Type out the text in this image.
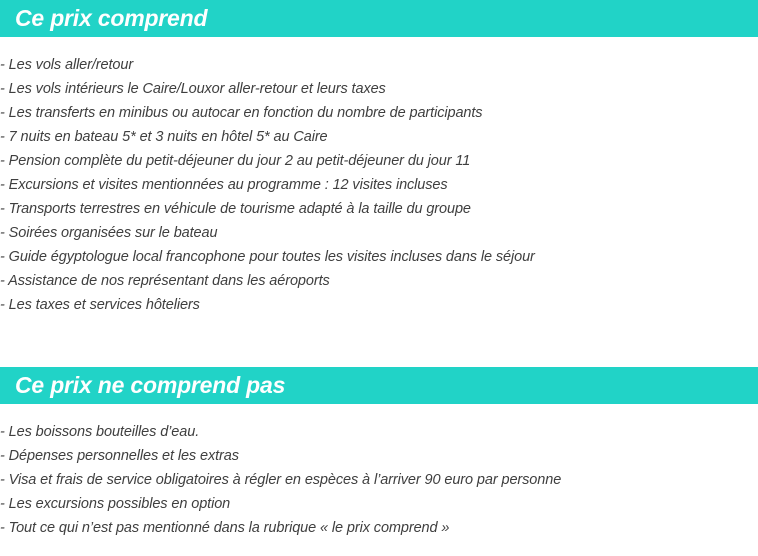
Ce prix comprend
- Les vols aller/retour
- Les vols intérieurs le Caire/Louxor aller-retour et leurs taxes
- Les transferts en minibus ou autocar en fonction du nombre de participants
- 7 nuits en bateau 5* et 3 nuits en hôtel 5* au Caire
- Pension complète du petit-déjeuner du jour 2 au petit-déjeuner du jour 11
- Excursions et visites mentionnées au programme : 12 visites incluses
- Transports terrestres en véhicule de tourisme adapté à la taille du groupe
- Soirées organisées sur le bateau
- Guide égyptologue local francophone pour toutes les visites incluses dans le séjour
- Assistance de nos représentant dans les aéroports
- Les taxes et services hôteliers
Ce prix ne comprend pas
- Les boissons bouteilles d’eau.
- Dépenses personnelles et les extras
- Visa et frais de service obligatoires à régler en espèces à l’arriver 90 euro par personne
- Les excursions possibles en option
- Tout ce qui n’est pas mentionné dans la rubrique « le prix comprend »
